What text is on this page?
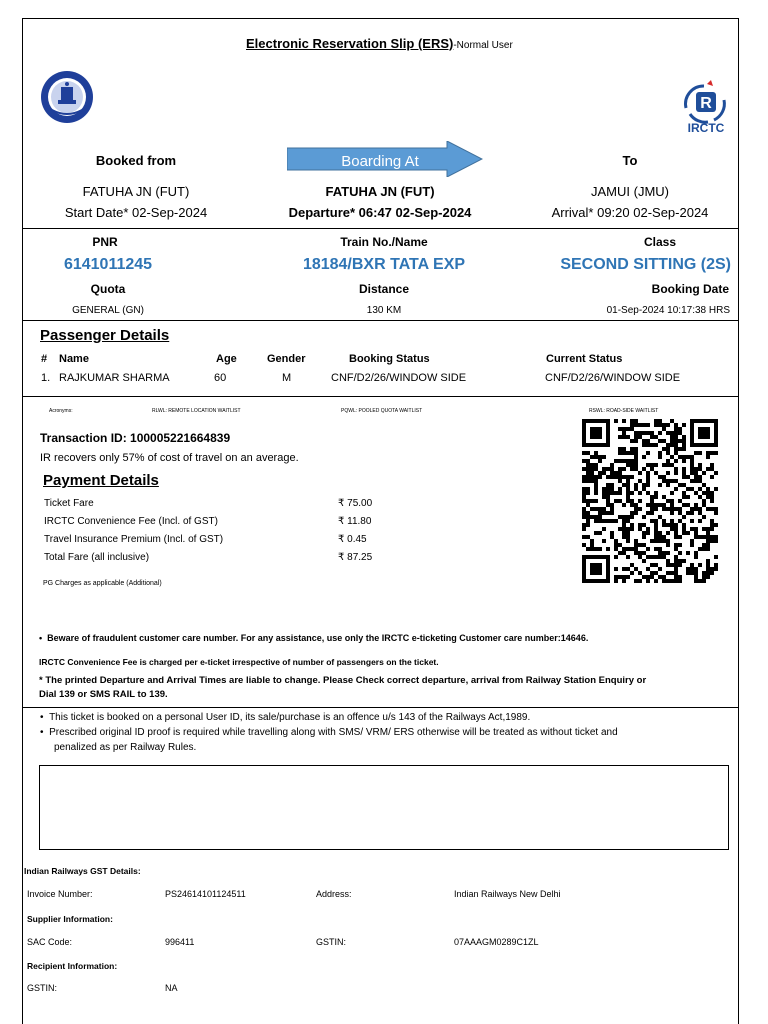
Electronic Reservation Slip (ERS)-Normal User
R
IRCTC
Booked from	Boarding At	To
FATUHA JN (FUT)	FATUHA JN (FUT)	JAMUI (JMU)
Start Date* 02-Sep-2024	Departure* 06:47 02-Sep-2024	Arrival* 09:20 02-Sep-2024
PNR	Train No./Name	Class
6141011245	18184/BXR TATA EXP	SECOND SITTING (2S)
Quota	Distance	Booking Date
GENERAL (GN)	130 KM	01-Sep-2024 10:17:38 HRS
Passenger Details
# Name	Age	Gender	Booking Status	Current Status
1. RAJKUMAR SHARMA	60	M	CNF/D2/26/WINDOW SIDE	CNF/D2/26/WINDOW SIDE
Acronyms:	RLWL: REMOTE LOCATION WAITLIST	PQWL: POOLED QUOTA WAITLIST	RSWL: ROAD-SIDE WAITLIST
Transaction ID: 100005221664839
IR recovers only 57% of cost of travel on an average.
Payment Details
Ticket Fare	₹ 75.00
IRCTC Convenience Fee (Incl. of GST)	₹ 11.80
Travel Insurance Premium (Incl. of GST)	₹ 0.45
Total Fare (all inclusive)	₹ 87.25
PG Charges as applicable (Additional)
•  Beware of fraudulent customer care number. For any assistance, use only the IRCTC e-ticketing Customer care number:14646.
IRCTC Convenience Fee is charged per e-ticket irrespective of number of passengers on the ticket.
* The printed Departure and Arrival Times are liable to change. Please Check correct departure, arrival from Railway Station Enquiry or
Dial 139 or SMS RAIL to 139.
•  This ticket is booked on a personal User ID, its sale/purchase is an offence u/s 143 of the Railways Act,1989.
•  Prescribed original ID proof is required while travelling along with SMS/ VRM/ ERS otherwise will be treated as without ticket and
penalized as per Railway Rules.
Indian Railways GST Details:
Invoice Number:	PS24614101124511	Address:	Indian Railways New Delhi
Supplier Information:
SAC Code:	996411	GSTIN:	07AAAGM0289C1ZL
Recipient Information:
GSTIN:	NA
